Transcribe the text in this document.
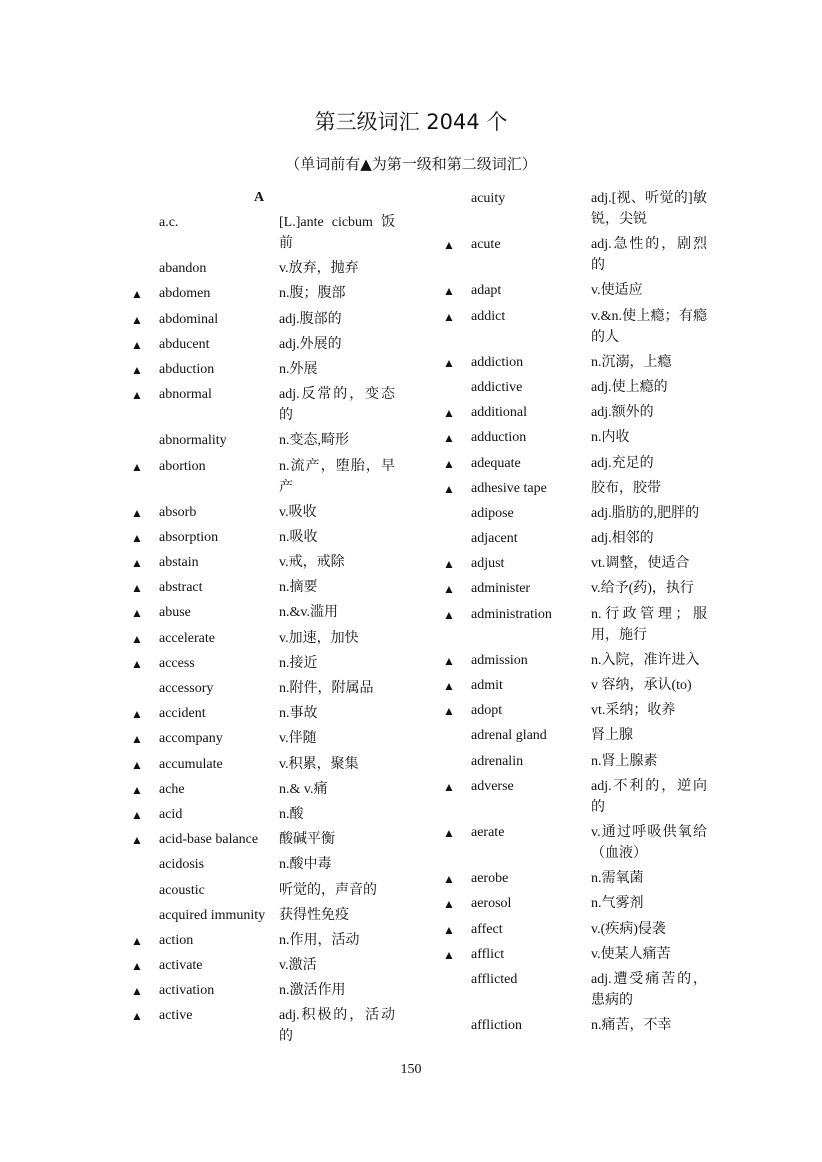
第三级词汇 2044 个
（单词前有▲为第一级和第二级词汇）
A
a.c.	[L.]ante cicbum 饭前
abandon	v.放弃，抛弃
▲ abdomen	n.腹；腹部
▲ abdominal	adj.腹部的
▲ abducent	adj.外展的
▲ abduction	n.外展
▲ abnormal	adj.反常的，变态的
abnormality	n.变态,畸形
▲ abortion	n.流产，堕胎，早产
▲ absorb	v.吸收
▲ absorption	n.吸收
▲ abstain	v.戒，戒除
▲ abstract	n.摘要
▲ abuse	n.&v.滥用
▲ accelerate	v.加速，加快
▲ access	n.接近
accessory	n.附件，附属品
▲ accident	n.事故
▲ accompany	v.伴随
▲ accumulate	v.积累，聚集
▲ ache	n.& v.痛
▲ acid	n.酸
▲ acid-base balance	酸碱平衡
acidosis	n.酸中毒
acoustic	听觉的，声音的
acquired immunity 获得性免疫
▲ action	n.作用，活动
▲ activate	v.激活
▲ activation	n.激活作用
▲ active	adj.积极的，活动的
acuity	adj.[视、听觉的]敏锐，尖锐
▲ acute	adj.急性的，剧烈的
▲ adapt	v.使适应
▲ addict	v.&n.使上瘾；有瘾的人
▲ addiction	n.沉溺，上瘾
addictive	adj.使上瘾的
▲ additional	adj.额外的
▲ adduction	n.内收
▲ adequate	adj.充足的
▲ adhesive tape	胶布，胶带
adipose	adj.脂肪的,肥胖的
adjacent	adj.相邻的
▲ adjust	vt.调整，使适合
▲ administer	v.给予(药)，执行
▲ administration	n.行政管理；服用，施行
▲ admission	n.入院，准许进入
▲ admit	v 容纳，承认(to)
▲ adopt	vt.采纳；收养
adrenal gland	肾上腺
adrenalin	n.肾上腺素
▲ adverse	adj.不利的，逆向的
▲ aerate	v.通过呼吸供氧给（血液）
▲ aerobe	n.需氧菌
▲ aerosol	n.气雾剂
▲ affect	v.(疾病)侵袭
▲ afflict	v.使某人痛苦
afflicted	adj.遭受痛苦的，患病的
affliction	n.痛苦，不幸
150
